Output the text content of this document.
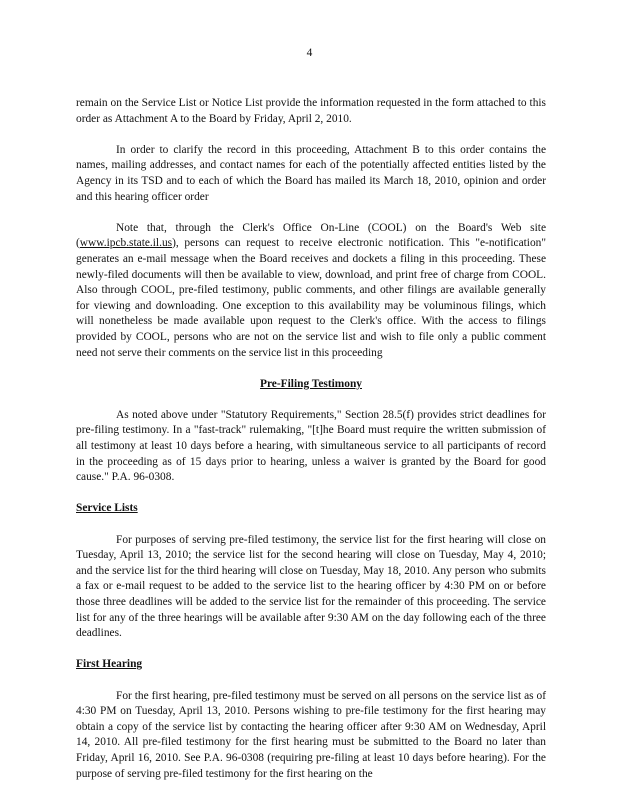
4

remain on the Service List or Notice List provide the information requested in the form attached to this order as Attachment A to the Board by Friday, April 2, 2010.

In order to clarify the record in this proceeding, Attachment B to this order contains the names, mailing addresses, and contact names for each of the potentially affected entities listed by the Agency in its TSD and to each of which the Board has mailed its March 18, 2010, opinion and order and this hearing officer order

Note that, through the Clerk's Office On-Line (COOL) on the Board's Web site (www.ipcb.state.il.us), persons can request to receive electronic notification. This "e-notification" generates an e-mail message when the Board receives and dockets a filing in this proceeding. These newly-filed documents will then be available to view, download, and print free of charge from COOL. Also through COOL, pre-filed testimony, public comments, and other filings are available generally for viewing and downloading. One exception to this availability may be voluminous filings, which will nonetheless be made available upon request to the Clerk's office. With the access to filings provided by COOL, persons who are not on the service list and wish to file only a public comment need not serve their comments on the service list in this proceeding

Pre-Filing Testimony

As noted above under "Statutory Requirements," Section 28.5(f) provides strict deadlines for pre-filing testimony. In a "fast-track" rulemaking, "[t]he Board must require the written submission of all testimony at least 10 days before a hearing, with simultaneous service to all participants of record in the proceeding as of 15 days prior to hearing, unless a waiver is granted by the Board for good cause." P.A. 96-0308.

Service Lists

For purposes of serving pre-filed testimony, the service list for the first hearing will close on Tuesday, April 13, 2010; the service list for the second hearing will close on Tuesday, May 4, 2010; and the service list for the third hearing will close on Tuesday, May 18, 2010. Any person who submits a fax or e-mail request to be added to the service list to the hearing officer by 4:30 PM on or before those three deadlines will be added to the service list for the remainder of this proceeding. The service list for any of the three hearings will be available after 9:30 AM on the day following each of the three deadlines.

First Hearing

For the first hearing, pre-filed testimony must be served on all persons on the service list as of 4:30 PM on Tuesday, April 13, 2010. Persons wishing to pre-file testimony for the first hearing may obtain a copy of the service list by contacting the hearing officer after 9:30 AM on Wednesday, April 14, 2010. All pre-filed testimony for the first hearing must be submitted to the Board no later than Friday, April 16, 2010. See P.A. 96-0308 (requiring pre-filing at least 10 days before hearing). For the purpose of serving pre-filed testimony for the first hearing on the
